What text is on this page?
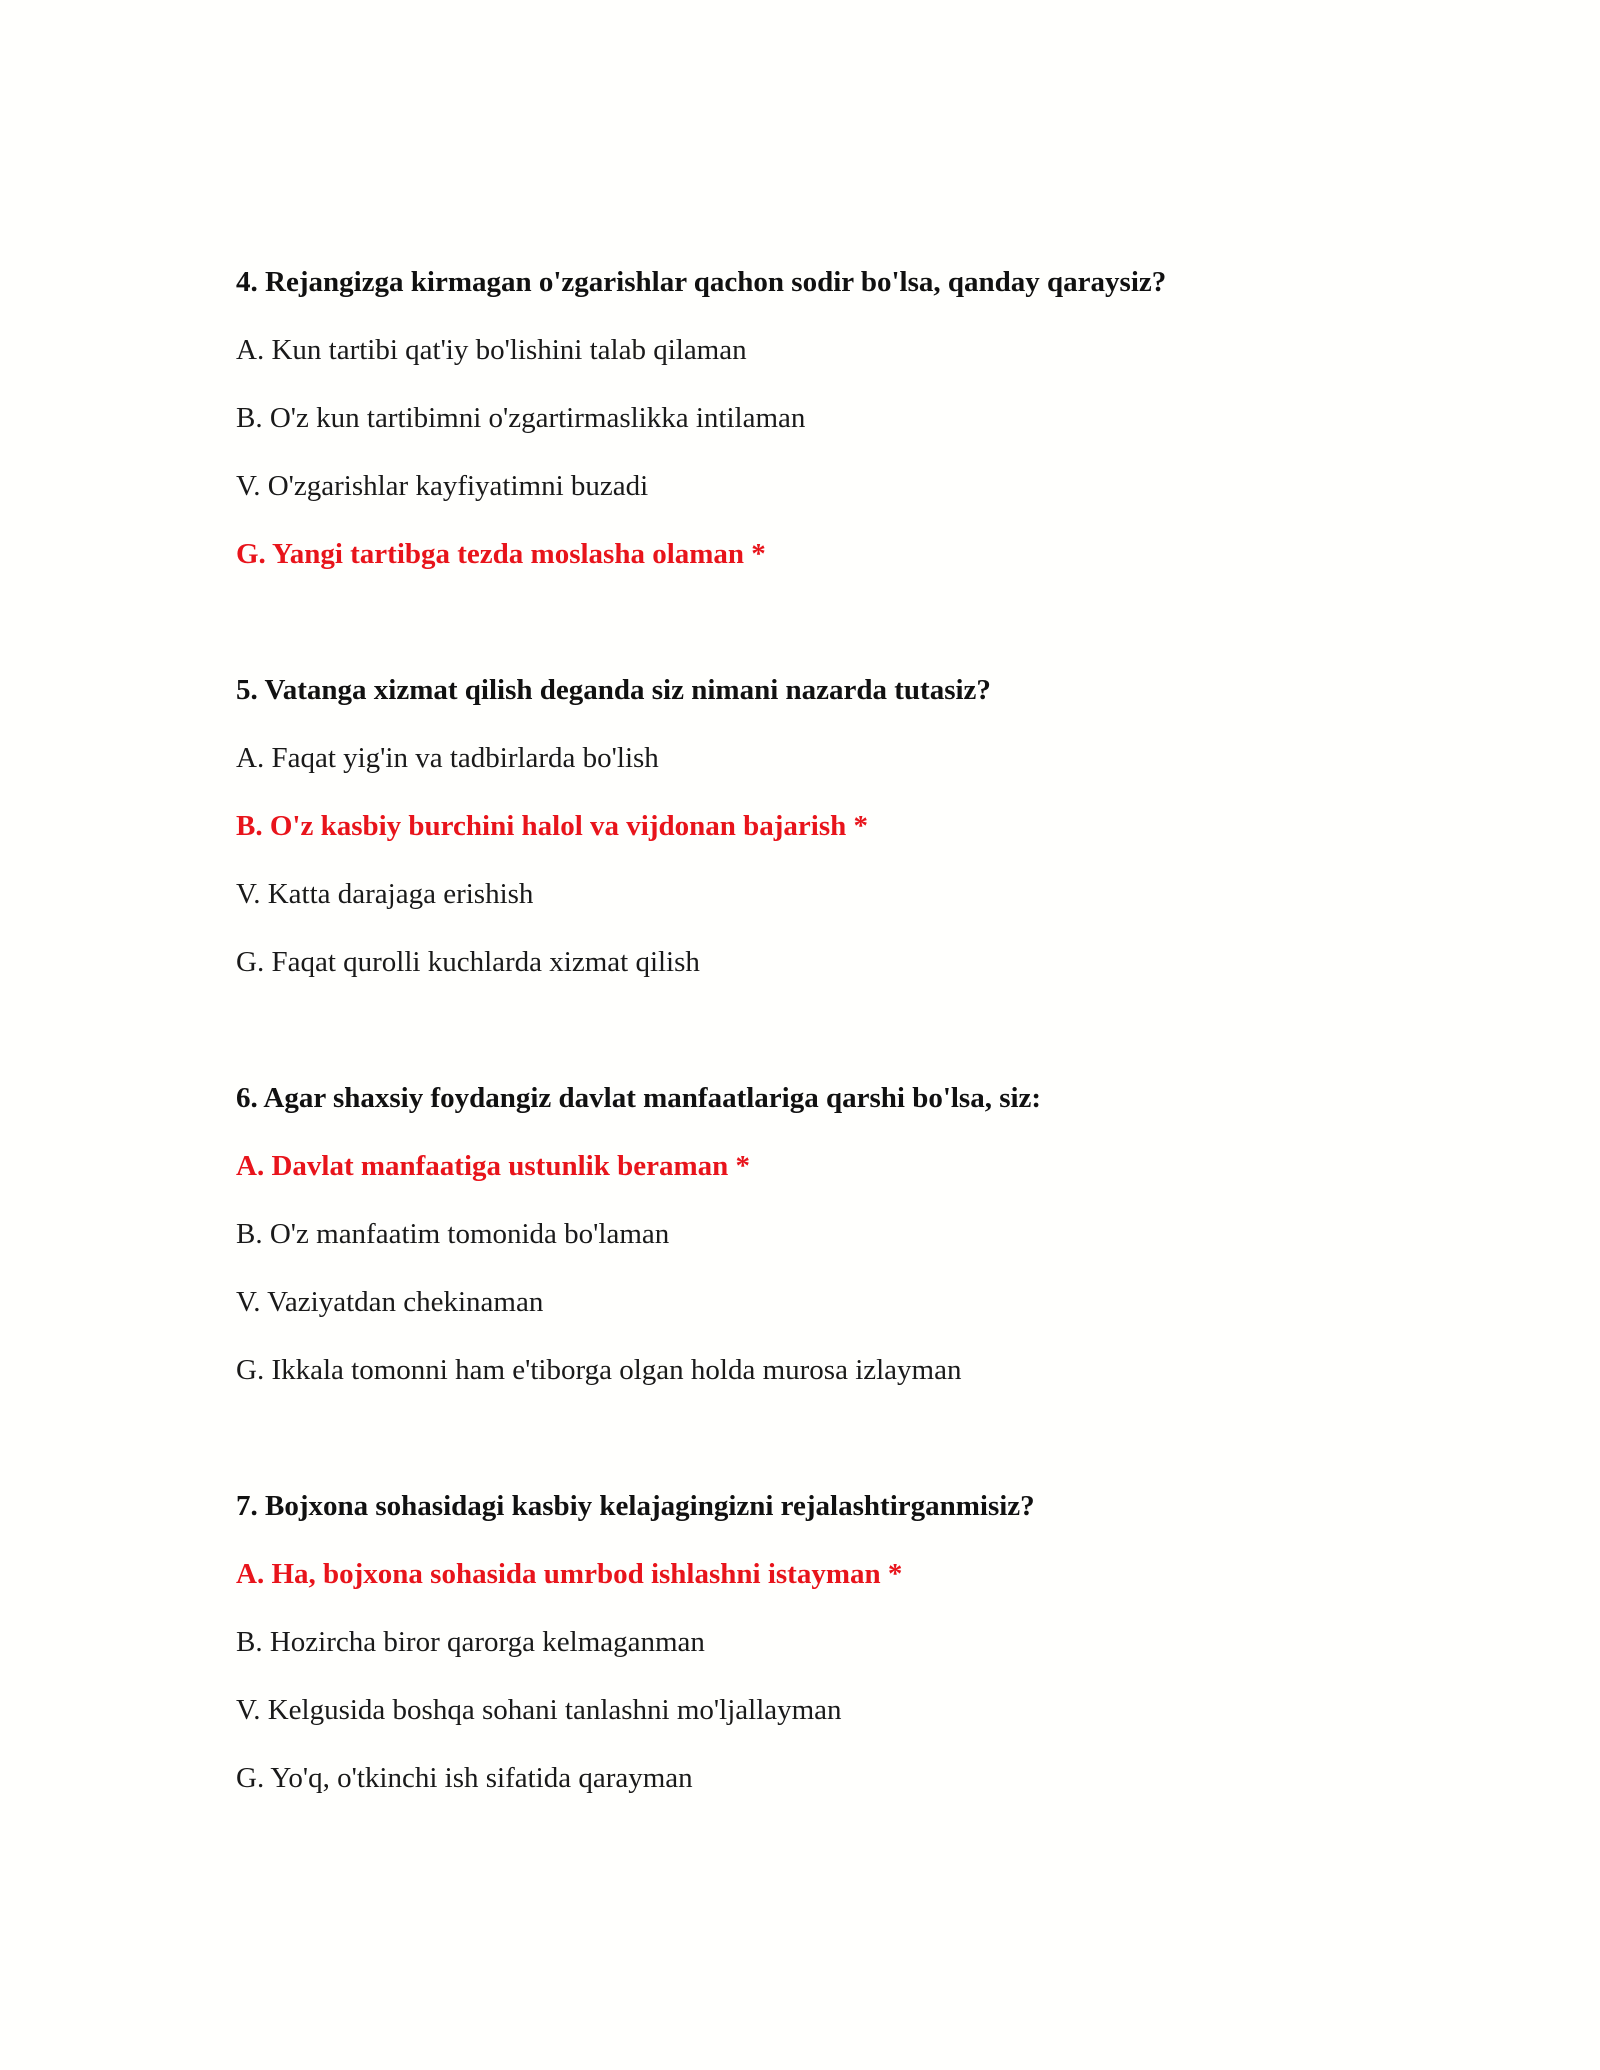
4. Rejangizga kirmagan o'zgarishlar qachon sodir bo'lsa, qanday qaraysiz?
A. Kun tartibi qat'iy bo'lishini talab qilaman
B. O'z kun tartibimni o'zgartirmaslikka intilaman
V. O'zgarishlar kayfiyatimni buzadi
G. Yangi tartibga tezda moslasha olaman *
5. Vatanga xizmat qilish deganda siz nimani nazarda tutasiz?
A. Faqat yig'in va tadbirlarda bo'lish
B. O'z kasbiy burchini halol va vijdonan bajarish *
V. Katta darajaga erishish
G. Faqat qurolli kuchlarda xizmat qilish
6. Agar shaxsiy foydangiz davlat manfaatlariga qarshi bo'lsa, siz:
A. Davlat manfaatiga ustunlik beraman *
B. O'z manfaatim tomonida bo'laman
V. Vaziyatdan chekinaman
G. Ikkala tomonni ham e'tiborga olgan holda murosa izlayman
7. Bojxona sohasidagi kasbiy kelajagingizni rejalashtirganmisiz?
A. Ha, bojxona sohasida umrbod ishlashni istayman *
B. Hozircha biror qarorga kelmaganman
V. Kelgusida boshqa sohani tanlashni mo'ljallayman
G. Yo'q, o'tkinchi ish sifatida qarayman
